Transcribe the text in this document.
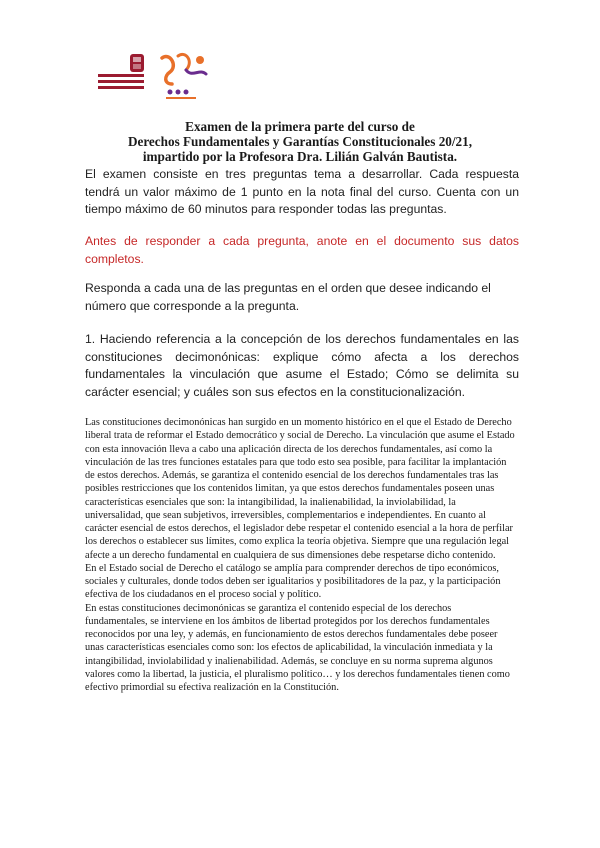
Examen de la primera parte del curso de
Derechos Fundamentales y Garantías Constitucionales 20/21,
impartido por la Profesora Dra. Lilián Galván Bautista.

El examen consiste en tres preguntas tema a desarrollar. Cada respuesta tendrá un valor máximo de 1 punto en la nota final del curso. Cuenta con un tiempo máximo de 60 minutos para responder todas las preguntas.

Antes de responder a cada pregunta, anote en el documento sus datos completos.

Responda a cada una de las preguntas en el orden que desee indicando el número que corresponde a la pregunta.

1. Haciendo referencia a la concepción de los derechos fundamentales en las constituciones decimonónicas: explique cómo afecta a los derechos fundamentales la vinculación que asume el Estado; Cómo se delimita su carácter esencial; y cuáles son sus efectos en la constitucionalización.

Las constituciones decimonónicas han surgido en un momento histórico en el que el Estado de Derecho liberal trata de reformar el Estado democrático y social de Derecho. La vinculación que asume el Estado con esta innovación lleva a cabo una aplicación directa de los derechos fundamentales, así como la vinculación de las tres funciones estatales para que todo esto sea posible, para facilitar la implantación de estos derechos. Además, se garantiza el contenido esencial de los derechos fundamentales tras las posibles restricciones que los contenidos limitan, ya que estos derechos fundamentales poseen unas características esenciales que son: la intangibilidad, la inalienabilidad, la inviolabilidad, la universalidad, que sean subjetivos, irreversibles, complementarios e independientes. En cuanto al carácter esencial de estos derechos, el legislador debe respetar el contenido esencial a la hora de perfilar los derechos o establecer sus límites, como explica la teoría objetiva. Siempre que una regulación legal afecte a un derecho fundamental en cualquiera de sus dimensiones debe respetarse dicho contenido.

En el Estado social de Derecho el catálogo se amplía para comprender derechos de tipo económicos, sociales y culturales, donde todos deben ser igualitarios y posibilitadores de la paz, y la participación efectiva de los ciudadanos en el proceso social y político.

En estas constituciones decimonónicas se garantiza el contenido especial de los derechos fundamentales, se interviene en los ámbitos de libertad protegidos por los derechos fundamentales reconocidos por una ley, y además, en funcionamiento de estos derechos fundamentales debe poseer unas características esenciales como son: los efectos de aplicabilidad, la vinculación inmediata y la intangibilidad, inviolabilidad y inalienabilidad. Además, se concluye en su norma suprema algunos valores como la libertad, la justicia, el pluralismo político… y los derechos fundamentales tienen como efectivo primordial su efectiva realización en la Constitución.
